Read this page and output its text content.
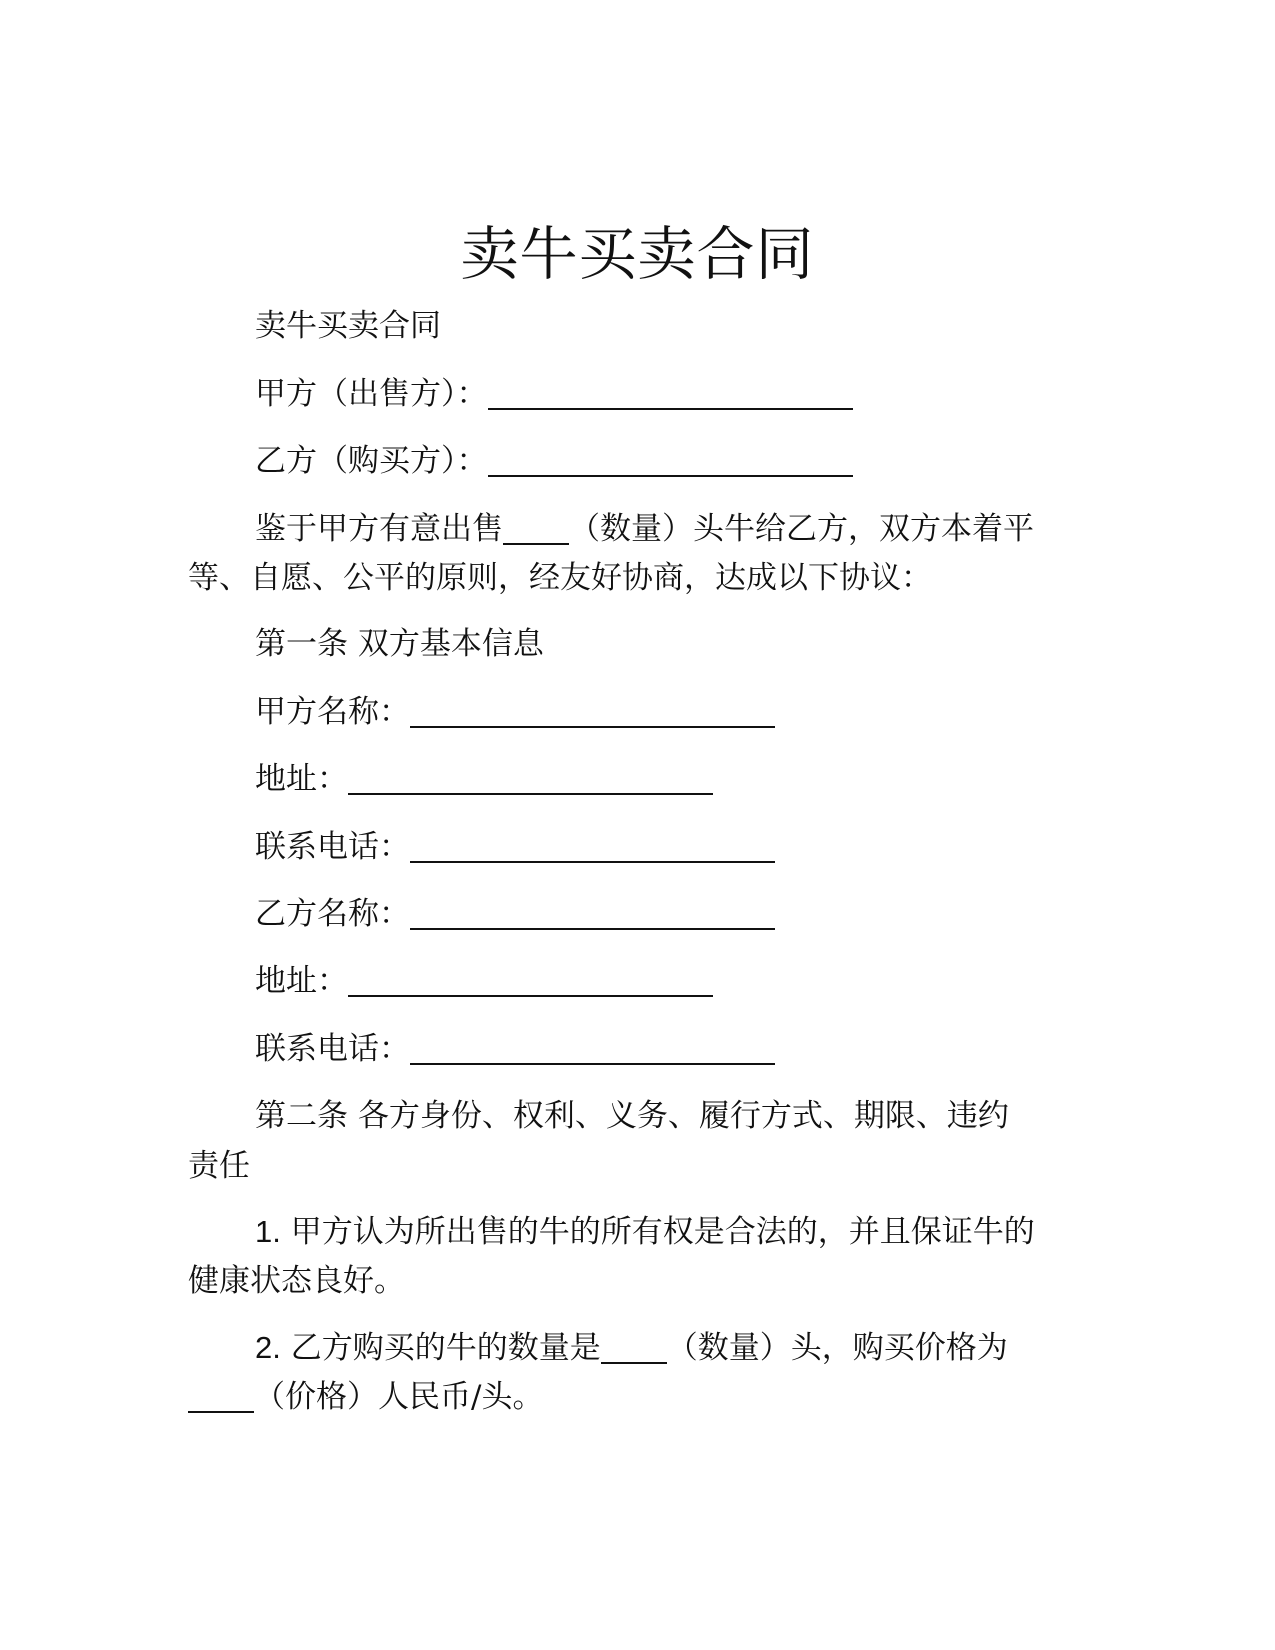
卖牛买卖合同
卖牛买卖合同
甲方（出售方）：
乙方（购买方）：
鉴于甲方有意出售 （数量）头牛给乙方，双方本着平
等、自愿、公平的原则，经友好协商，达成以下协议：
第一条 双方基本信息
甲方名称：
地址：
联系电话：
乙方名称：
地址：
联系电话：
第二条 各方身份、权利、义务、履行方式、期限、违约
责任
1. 甲方认为所出售的牛的所有权是合法的，并且保证牛的
健康状态良好。
2. 乙方购买的牛的数量是 （数量）头，购买价格为
（价格）人民币/头。
